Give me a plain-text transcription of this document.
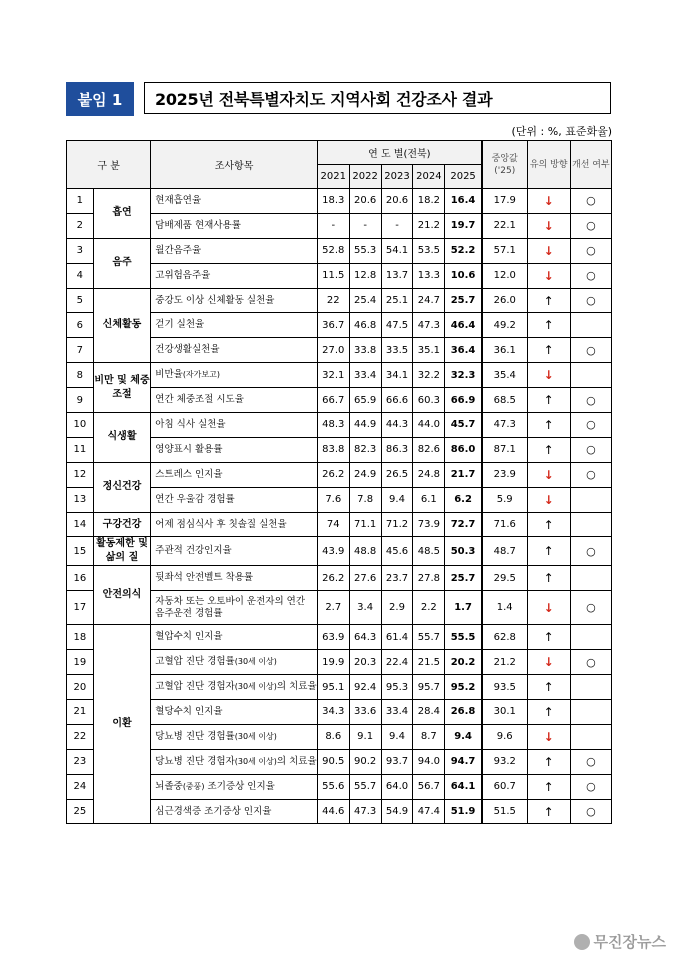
붙임 1	2025년 전북특별자치도 지역사회 건강조사 결과
(단위 : %, 표준화율)
구 분		조사항목	연 도 별(전북)					중앙값 ('25)	유의 방향	개선 여부
			2021	2022	2023	2024	2025			
1	흡연	현재흡연율	18.3	20.6	20.6	18.2	16.4	17.9	↓	○
2		담배제품 현재사용률	-	-	-	21.2	19.7	22.1	↓	○
3	음주	월간음주율	52.8	55.3	54.1	53.5	52.2	57.1	↓	○
4		고위험음주율	11.5	12.8	13.7	13.3	10.6	12.0	↓	○
5	신체활동	중강도 이상 신체활동 실천율	22	25.4	25.1	24.7	25.7	26.0	↑	○
6		걷기 실천율	36.7	46.8	47.5	47.3	46.4	49.2	↑	
7		건강생활실천율	27.0	33.8	33.5	35.1	36.4	36.1	↑	○
8	비만 및 체중조절	비만율(자가보고)	32.1	33.4	34.1	32.2	32.3	35.4	↓	
9		연간 체중조절 시도율	66.7	65.9	66.6	60.3	66.9	68.5	↑	○
10	식생활	아침 식사 실천율	48.3	44.9	44.3	44.0	45.7	47.3	↑	○
11		영양표시 활용률	83.8	82.3	86.3	82.6	86.0	87.1	↑	○
12	정신건강	스트레스 인지율	26.2	24.9	26.5	24.8	21.7	23.9	↓	○
13		연간 우울감 경험률	7.6	7.8	9.4	6.1	6.2	5.9	↓	
14	구강건강	어제 점심식사 후 칫솔질 실천율	74	71.1	71.2	73.9	72.7	71.6	↑	
15	활동제한 및 삶의 질	주관적 건강인지율	43.9	48.8	45.6	48.5	50.3	48.7	↑	○
16	안전의식	뒷좌석 안전벨트 착용률	26.2	27.6	23.7	27.8	25.7	29.5	↑	
17		자동차 또는 오토바이 운전자의 연간 음주운전 경험률	2.7	3.4	2.9	2.2	1.7	1.4	↓	○
18	이환	혈압수치 인지율	63.9	64.3	61.4	55.7	55.5	62.8	↑	
19		고혈압 진단 경험률(30세 이상)	19.9	20.3	22.4	21.5	20.2	21.2	↓	○
20		고혈압 진단 경험자(30세 이상)의 치료율	95.1	92.4	95.3	95.7	95.2	93.5	↑	
21		혈당수치 인지율	34.3	33.6	33.4	28.4	26.8	30.1	↑	
22		당뇨병 진단 경험률(30세 이상)	8.6	9.1	9.4	8.7	9.4	9.6	↓	
23		당뇨병 진단 경험자(30세 이상)의 치료율	90.5	90.2	93.7	94.0	94.7	93.2	↑	○
24		뇌졸중(중풍) 조기증상 인지율	55.6	55.7	64.0	56.7	64.1	60.7	↑	○
25		심근경색증 조기증상 인지율	44.6	47.3	54.9	47.4	51.9	51.5	↑	○
무진장뉴스
